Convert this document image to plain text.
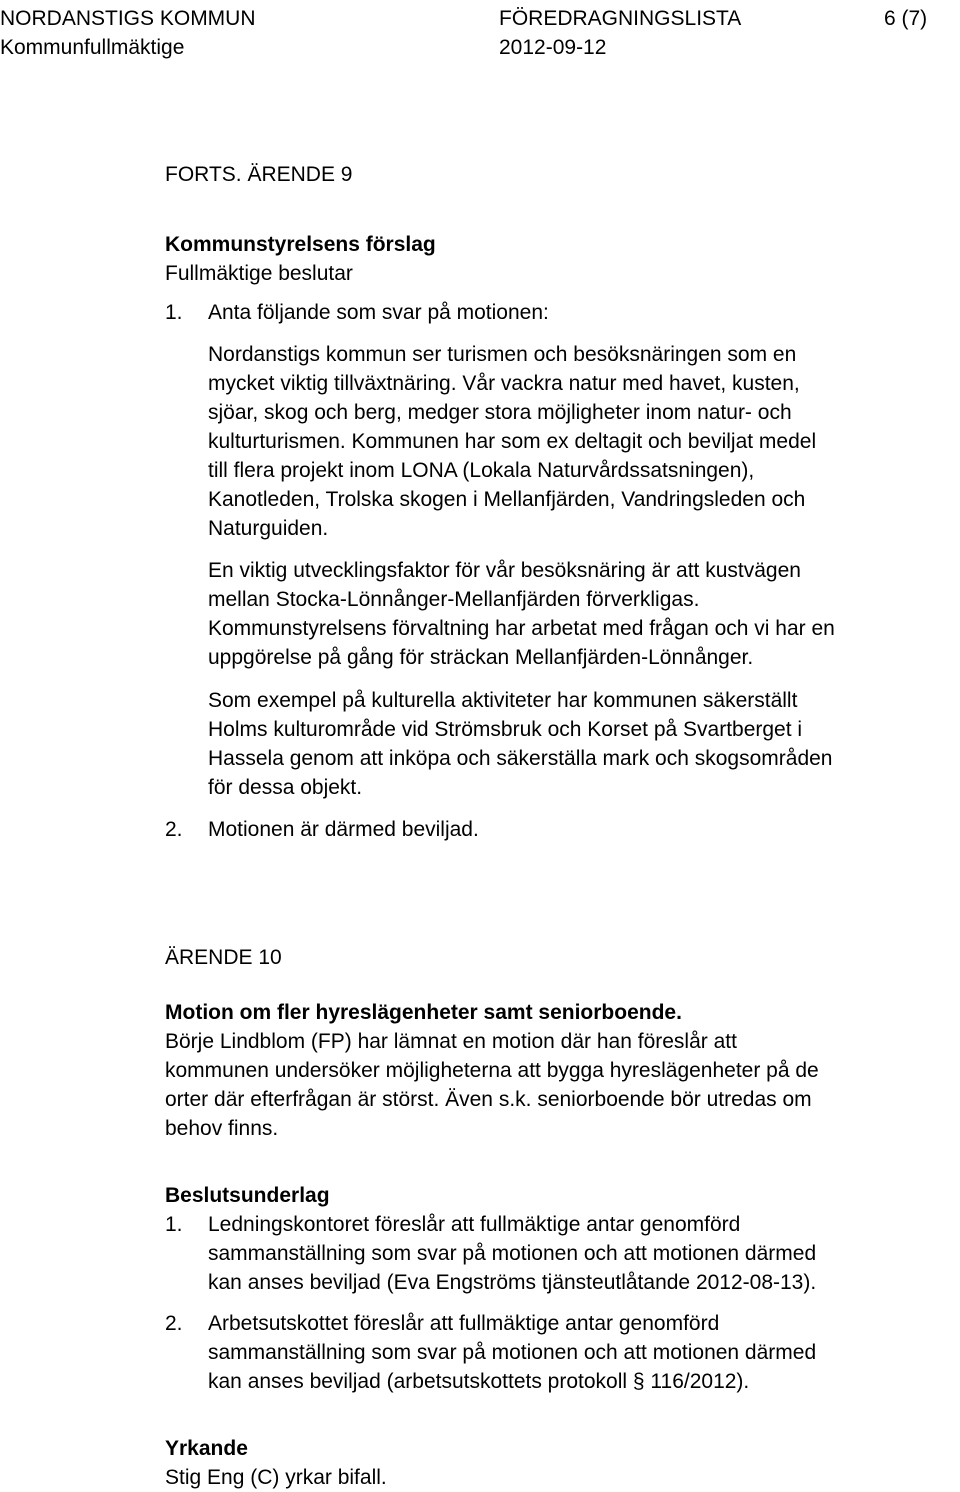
NORDANSTIGS KOMMUN	FÖREDRAGNINGSLISTA	6 (7)
Kommunfullmäktige	2012-09-12
FORTS. ÄRENDE 9
Kommunstyrelsens förslag
Fullmäktige beslutar
1. Anta följande som svar på motionen:
Nordanstigs kommun ser turismen och besöksnäringen som en
mycket viktig tillväxtnäring. Vår vackra natur med havet, kusten,
sjöar, skog och berg, medger stora möjligheter inom natur- och
kulturturismen. Kommunen har som ex deltagit och beviljat medel
till flera projekt inom LONA (Lokala Naturvårdssatsningen),
Kanotleden, Trolska skogen i Mellanfjärden, Vandringsleden och
Naturguiden.
En viktig utvecklingsfaktor för vår besöksnäring är att kustvägen
mellan Stocka-Lönnånger-Mellanfjärden förverkligas.
Kommunstyrelsens förvaltning har arbetat med frågan och vi har en
uppgörelse på gång för sträckan Mellanfjärden-Lönnånger.
Som exempel på kulturella aktiviteter har kommunen säkerställt
Holms kulturområde vid Strömsbruk och Korset på Svartberget i
Hassela genom att inköpa och säkerställa mark och skogsområden
för dessa objekt.
2. Motionen är därmed beviljad.
ÄRENDE 10
Motion om fler hyreslägenheter samt seniorboende.
Börje Lindblom (FP) har lämnat en motion där han föreslår att
kommunen undersöker möjligheterna att bygga hyreslägenheter på de
orter där efterfrågan är störst. Även s.k. seniorboende bör utredas om
behov finns.
Beslutsunderlag
1. Ledningskontoret föreslår att fullmäktige antar genomförd
sammanställning som svar på motionen och att motionen därmed
kan anses beviljad (Eva Engströms tjänsteutlåtande 2012-08-13).
2. Arbetsutskottet föreslår att fullmäktige antar genomförd
sammanställning som svar på motionen och att motionen därmed
kan anses beviljad (arbetsutskottets protokoll § 116/2012).
Yrkande
Stig Eng (C) yrkar bifall.
